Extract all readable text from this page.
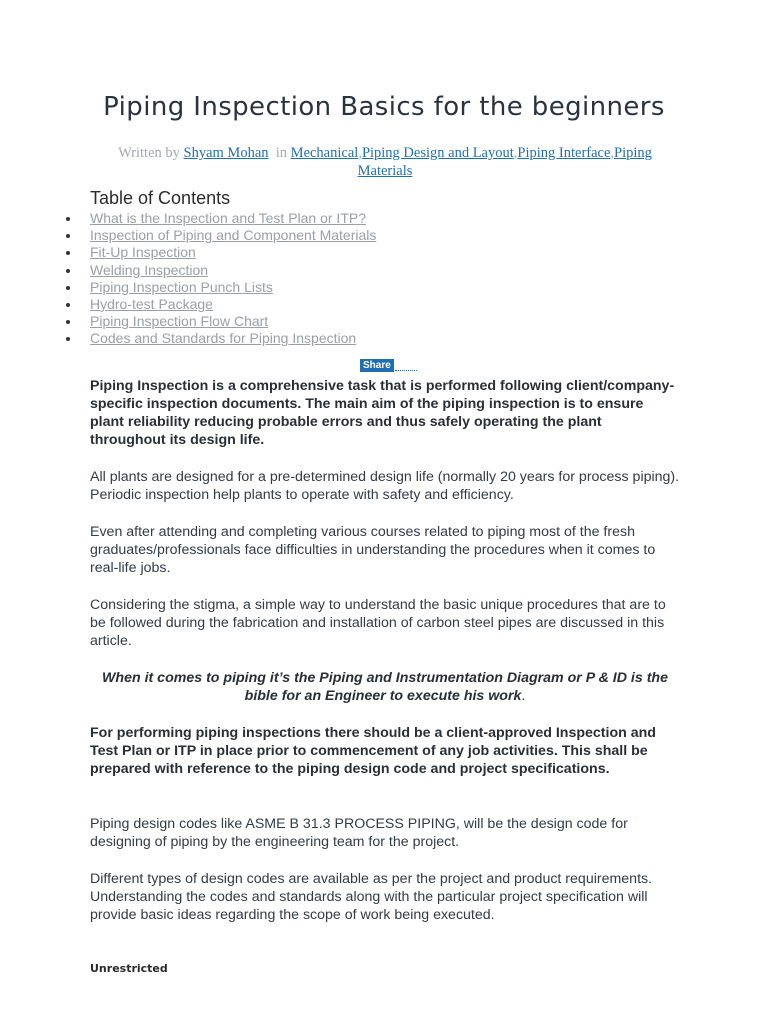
Piping Inspection Basics for the beginners
Written by Shyam Mohan in Mechanical,Piping Design and Layout,Piping Interface,Piping Materials
Table of Contents
What is the Inspection and Test Plan or ITP?
Inspection of Piping and Component Materials
Fit-Up Inspection
Welding Inspection
Piping Inspection Punch Lists
Hydro-test Package
Piping Inspection Flow Chart
Codes and Standards for Piping Inspection
Share

Piping Inspection is a comprehensive task that is performed following client/company-specific inspection documents. The main aim of the piping inspection is to ensure plant reliability reducing probable errors and thus safely operating the plant throughout its design life.

All plants are designed for a pre-determined design life (normally 20 years for process piping). Periodic inspection help plants to operate with safety and efficiency.

Even after attending and completing various courses related to piping most of the fresh graduates/professionals face difficulties in understanding the procedures when it comes to real-life jobs.

Considering the stigma, a simple way to understand the basic unique procedures that are to be followed during the fabrication and installation of carbon steel pipes are discussed in this article.

When it comes to piping it’s the Piping and Instrumentation Diagram or P & ID is the bible for an Engineer to execute his work.

For performing piping inspections there should be a client-approved Inspection and Test Plan or ITP in place prior to commencement of any job activities. This shall be prepared with reference to the piping design code and project specifications.

Piping design codes like ASME B 31.3 PROCESS PIPING, will be the design code for designing of piping by the engineering team for the project.

Different types of design codes are available as per the project and product requirements. Understanding the codes and standards along with the particular project specification will provide basic ideas regarding the scope of work being executed.

Unrestricted
